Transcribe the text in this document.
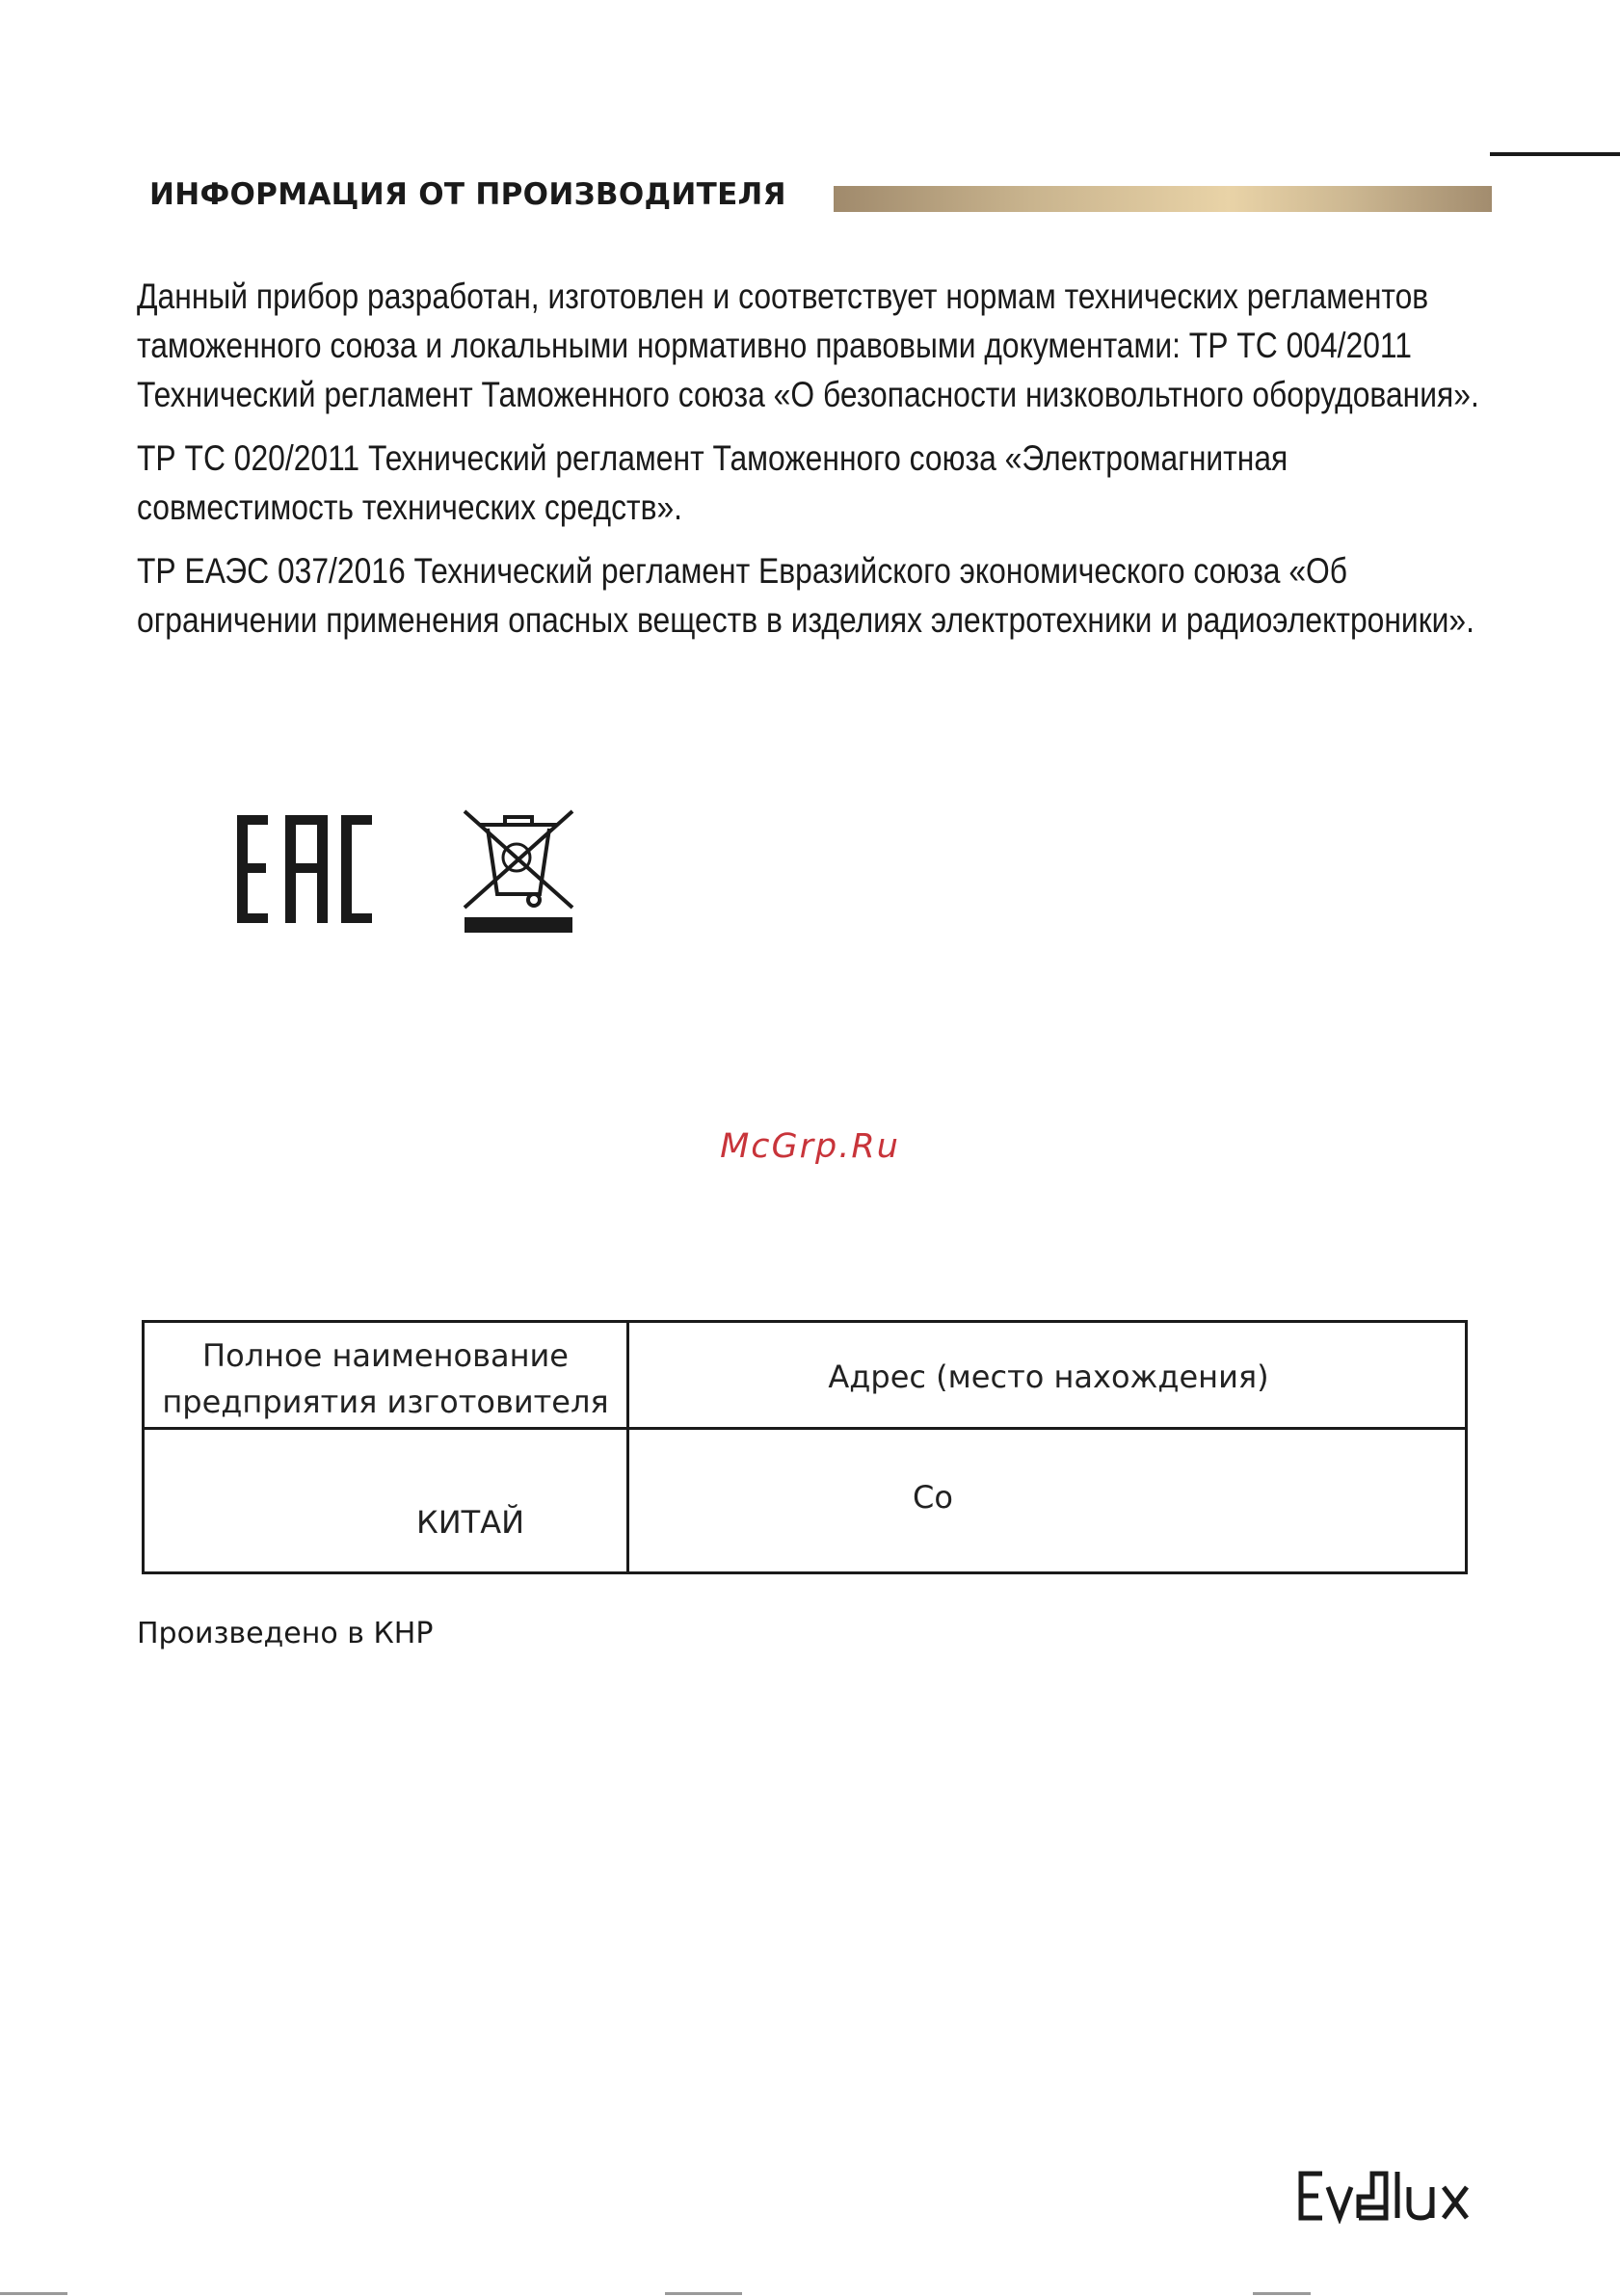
ИНФОРМАЦИЯ ОТ ПРОИЗВОДИТЕЛЯ

Данный прибор разработан, изготовлен и соответствует нормам технических регламентов таможенного союза и локальными нормативно правовыми документами: ТР ТС 004/2011 Технический регламент Таможенного союза «О безопасности низковольтного оборудования».

ТР ТС 020/2011 Технический регламент Таможенного союза «Электромагнитная совместимость технических средств».

ТР ЕАЭС 037/2016 Технический регламент Евразийского экономического союза «Об ограничении применения опасных веществ в изделиях электротехники и радиоэлектроники».

McGrp.Ru
Полное наименование предприятия изготовителя
Адрес (место нахождения)
КИТАЙ
Co
Произведено в КНР
